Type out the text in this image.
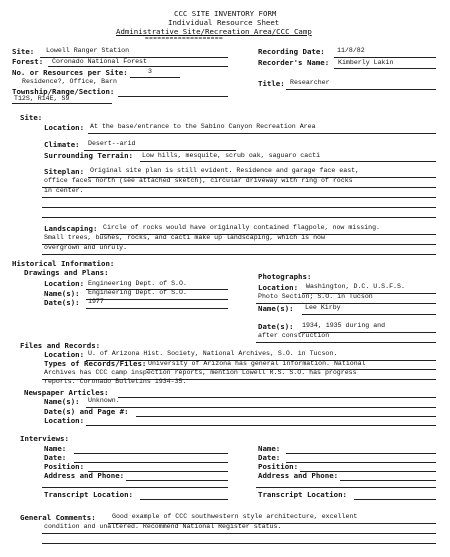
CCC SITE INVENTORY FORM
Individual Resource Sheet
Administrative Site/Recreation Area/CCC Camp
===================
Site: Lowell Ranger Station
Forest: Coronado National Forest
No. or Resources per Site:	3
Residence?, Office, Barn
Township/Range/Section:
T12S, R14E, S9
Recording Date: 11/8/82
Recorder's Name: Kimberly Lakin
Title: Researcher
Site:
Location: At the base/entrance to the Sabino Canyon Recreation Area
Climate: Desert--arid
Surrounding Terrain: Low hills, mesquite, scrub oak, saguaro cacti
Siteplan: Original site plan is still evident. Residence and garage face east,
office faces north (see attached sketch), circular driveway with ring of rocks
in center.
Landscaping: Circle of rocks would have originally contained flagpole, now missing.
Small trees, bushes, rocks, and cacti make up landscaping, which is now
overgrown and unruly.
Historical Information:
Drawings and Plans:
Location: Engineering Dept. of S.O.
Name(s): Engineering Dept. of S.O.
Date(s): 1977
Photographs:
Location: Washington, D.C. U.S.F.S.
Photo Section; S.O. in Tucson
Name(s): Lee Kirby
Date(s): 1934, 1935 during and
after construction
Files and Records:
Location: U. of Arizona Hist. Society, National Archives, S.O. in Tucson.
Types of Records/Files: University of Arizona has general information. National
Archives has CCC camp inspection reports, mention Lowell R.S. S.O. has progress
reports. Coronado Bulletins 1934-35.
Newspaper Articles:
Name(s): Unknown.
Date(s) and Page #:
Location:
Interviews:
Name:
Date:
Position:
Address and Phone:
Transcript Location:
Name:
Date:
Position:
Address and Phone:
Transcript Location:
General Comments: Good example of CCC southwestern style architecture, excellent
condition and unaltered. Recommend National Register status.
